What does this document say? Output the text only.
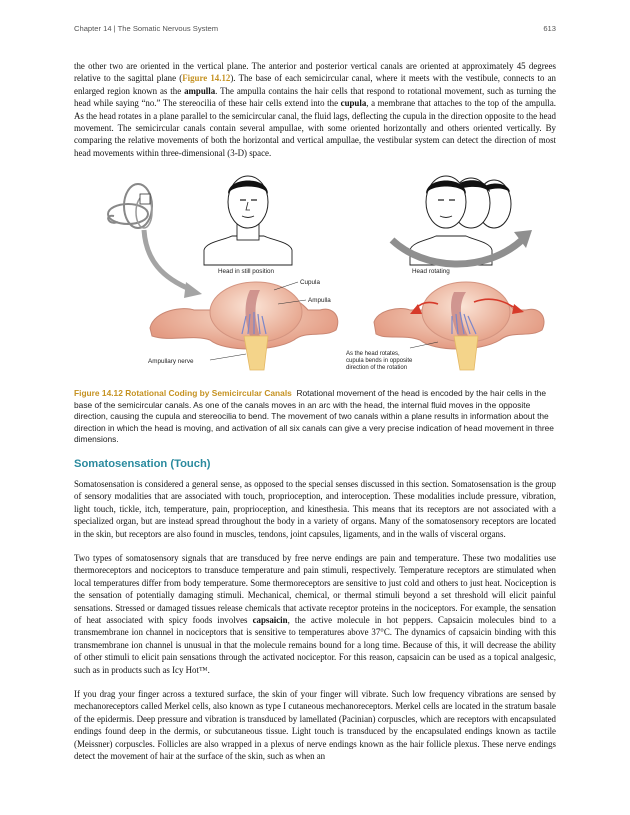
Chapter 14 | The Somatic Nervous System	613

the other two are oriented in the vertical plane. The anterior and posterior vertical canals are oriented at approximately 45 degrees relative to the sagittal plane (Figure 14.12). The base of each semicircular canal, where it meets with the vestibule, connects to an enlarged region known as the ampulla. The ampulla contains the hair cells that respond to rotational movement, such as turning the head while saying “no.” The stereocilia of these hair cells extend into the cupula, a membrane that attaches to the top of the ampulla. As the head rotates in a plane parallel to the semicircular canal, the fluid lags, deflecting the cupula in the direction opposite to the head movement. The semicircular canals contain several ampullae, with some oriented horizontally and others oriented vertically. By comparing the relative movements of both the horizontal and vertical ampullae, the vestibular system can detect the direction of most head movements within three-dimensional (3-D) space.

Head in still position	Head rotating
Cupula
Ampulla
Ampullary nerve
As the head rotates,
cupula bends in opposite
direction of the rotation

Figure 14.12 Rotational Coding by Semicircular Canals Rotational movement of the head is encoded by the hair cells in the base of the semicircular canals. As one of the canals moves in an arc with the head, the internal fluid moves in the opposite direction, causing the cupula and stereocilia to bend. The movement of two canals within a plane results in information about the direction in which the head is moving, and activation of all six canals can give a very precise indication of head movement in three dimensions.

Somatosensation (Touch)

Somatosensation is considered a general sense, as opposed to the special senses discussed in this section. Somatosensation is the group of sensory modalities that are associated with touch, proprioception, and interoception. These modalities include pressure, vibration, light touch, tickle, itch, temperature, pain, proprioception, and kinesthesia. This means that its receptors are not associated with a specialized organ, but are instead spread throughout the body in a variety of organs. Many of the somatosensory receptors are located in the skin, but receptors are also found in muscles, tendons, joint capsules, ligaments, and in the walls of visceral organs.

Two types of somatosensory signals that are transduced by free nerve endings are pain and temperature. These two modalities use thermoreceptors and nociceptors to transduce temperature and pain stimuli, respectively. Temperature receptors are stimulated when local temperatures differ from body temperature. Some thermoreceptors are sensitive to just cold and others to just heat. Nociception is the sensation of potentially damaging stimuli. Mechanical, chemical, or thermal stimuli beyond a set threshold will elicit painful sensations. Stressed or damaged tissues release chemicals that activate receptor proteins in the nociceptors. For example, the sensation of heat associated with spicy foods involves capsaicin, the active molecule in hot peppers. Capsaicin molecules bind to a transmembrane ion channel in nociceptors that is sensitive to temperatures above 37°C. The dynamics of capsaicin binding with this transmembrane ion channel is unusual in that the molecule remains bound for a long time. Because of this, it will decrease the ability of other stimuli to elicit pain sensations through the activated nociceptor. For this reason, capsaicin can be used as a topical analgesic, such as in products such as Icy Hot™.

If you drag your finger across a textured surface, the skin of your finger will vibrate. Such low frequency vibrations are sensed by mechanoreceptors called Merkel cells, also known as type I cutaneous mechanoreceptors. Merkel cells are located in the stratum basale of the epidermis. Deep pressure and vibration is transduced by lamellated (Pacinian) corpuscles, which are receptors with encapsulated endings found deep in the dermis, or subcutaneous tissue. Light touch is transduced by the encapsulated endings known as tactile (Meissner) corpuscles. Follicles are also wrapped in a plexus of nerve endings known as the hair follicle plexus. These nerve endings detect the movement of hair at the surface of the skin, such as when an
